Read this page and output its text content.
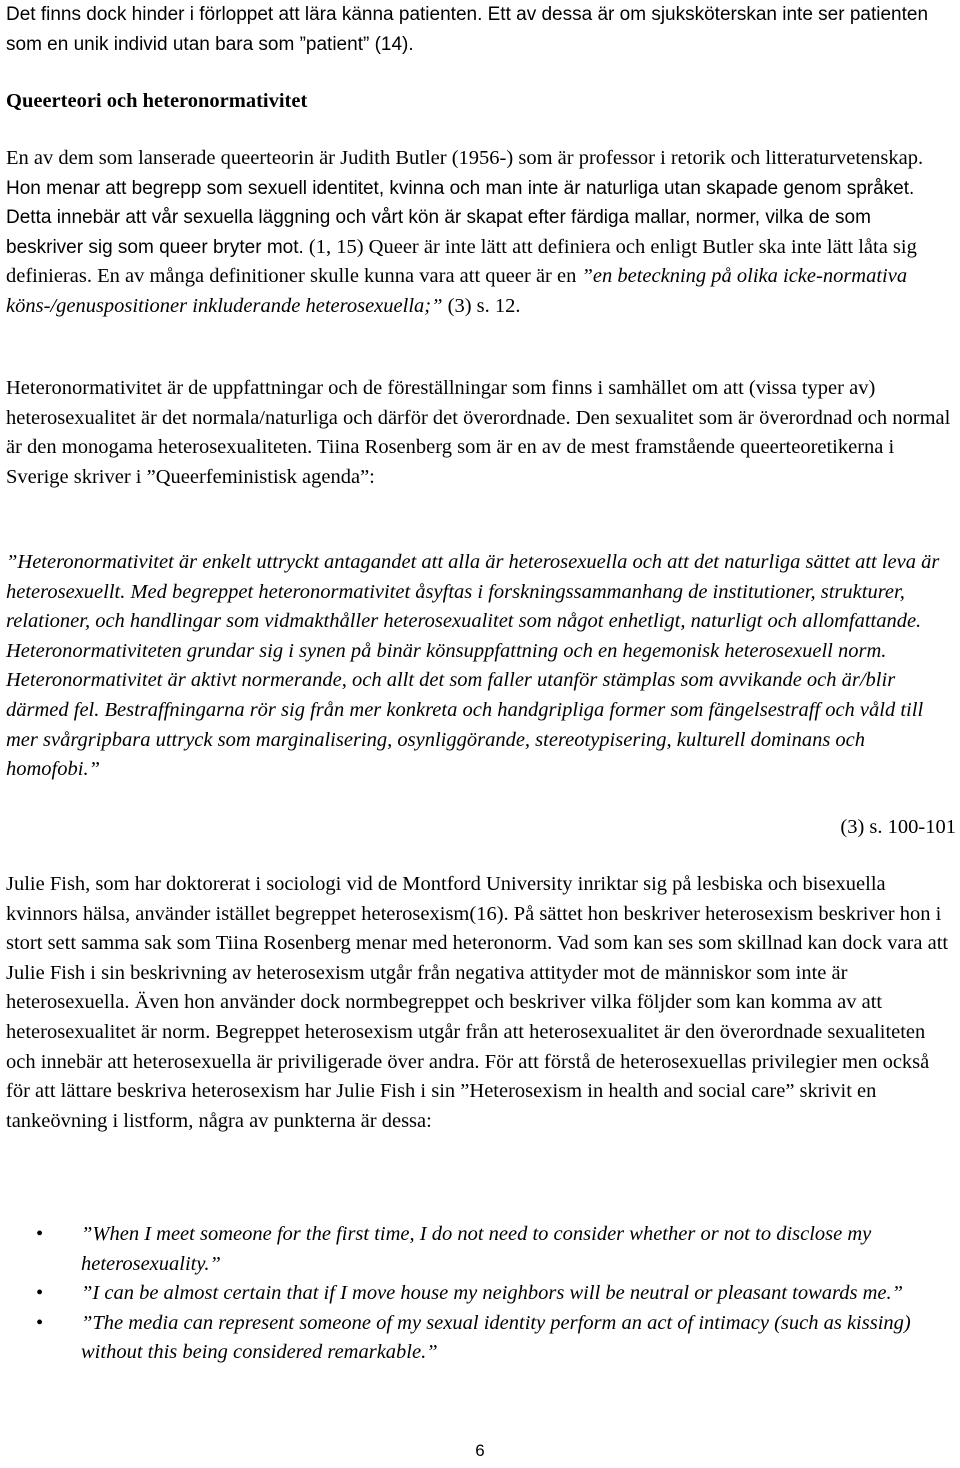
Det finns dock hinder i förloppet att lära känna patienten. Ett av dessa är om sjuksköterskan inte ser patienten som en unik individ utan bara som ”patient” (14).

Queerteori och heteronormativitet

En av dem som lanserade queerteorin är Judith Butler (1956-) som är professor i retorik och litteraturvetenskap. Hon menar att begrepp som sexuell identitet, kvinna och man inte är naturliga utan skapade genom språket. Detta innebär att vår sexuella läggning och vårt kön är skapat efter färdiga mallar, normer, vilka de som beskriver sig som queer bryter mot. (1, 15) Queer är inte lätt att definiera och enligt Butler ska inte lätt låta sig definieras. En av många definitioner skulle kunna vara att queer är en ”en beteckning på olika icke-normativa köns-/genuspositioner inkluderande heterosexuella;” (3) s. 12.

Heteronormativitet är de uppfattningar och de föreställningar som finns i samhället om att (vissa typer av) heterosexualitet är det normala/naturliga och därför det överordnade. Den sexualitet som är överordnad och normal är den monogama heterosexualiteten. Tiina Rosenberg som är en av de mest framstående queerteoretikerna i Sverige skriver i ”Queerfeministisk agenda”:

”Heteronormativitet är enkelt uttryckt antagandet att alla är heterosexuella och att det naturliga sättet att leva är heterosexuellt. Med begreppet heteronormativitet åsyftas i forskningssammanhang de institutioner, strukturer, relationer, och handlingar som vidmakthåller heterosexualitet som något enhetligt, naturligt och allomfattande. Heteronormativiteten grundar sig i synen på binär könsuppfattning och en hegemonisk heterosexuell norm. Heteronormativitet är aktivt normerande, och allt det som faller utanför stämplas som avvikande och är/blir därmed fel. Bestraffningarna rör sig från mer konkreta och handgripliga former som fängelsestraff och våld till mer svårgripbara uttryck som marginalisering, osynliggörande, stereotypisering, kulturell dominans och homofobi.”

(3) s. 100-101

Julie Fish, som har doktorerat i sociologi vid de Montford University inriktar sig på lesbiska och bisexuella kvinnors hälsa, använder istället begreppet heterosexism(16). På sättet hon beskriver heterosexism beskriver hon i stort sett samma sak som Tiina Rosenberg menar med heteronorm. Vad som kan ses som skillnad kan dock vara att Julie Fish i sin beskrivning av heterosexism utgår från negativa attityder mot de människor som inte är heterosexuella. Även hon använder dock normbegreppet och beskriver vilka följder som kan komma av att heterosexualitet är norm. Begreppet heterosexism utgår från att heterosexualitet är den överordnade sexualiteten och innebär att heterosexuella är priviligerade över andra. För att förstå de heterosexuellas privilegier men också för att lättare beskriva heterosexism har Julie Fish i sin ”Heterosexism in health and social care” skrivit en tankeövning i listform, några av punkterna är dessa:

• ”When I meet someone for the first time, I do not need to consider whether or not to disclose my heterosexuality.”
• ”I can be almost certain that if I move house my neighbors will be neutral or pleasant towards me.”
• ”The media can represent someone of my sexual identity perform an act of intimacy (such as kissing) without this being considered remarkable.”
6
